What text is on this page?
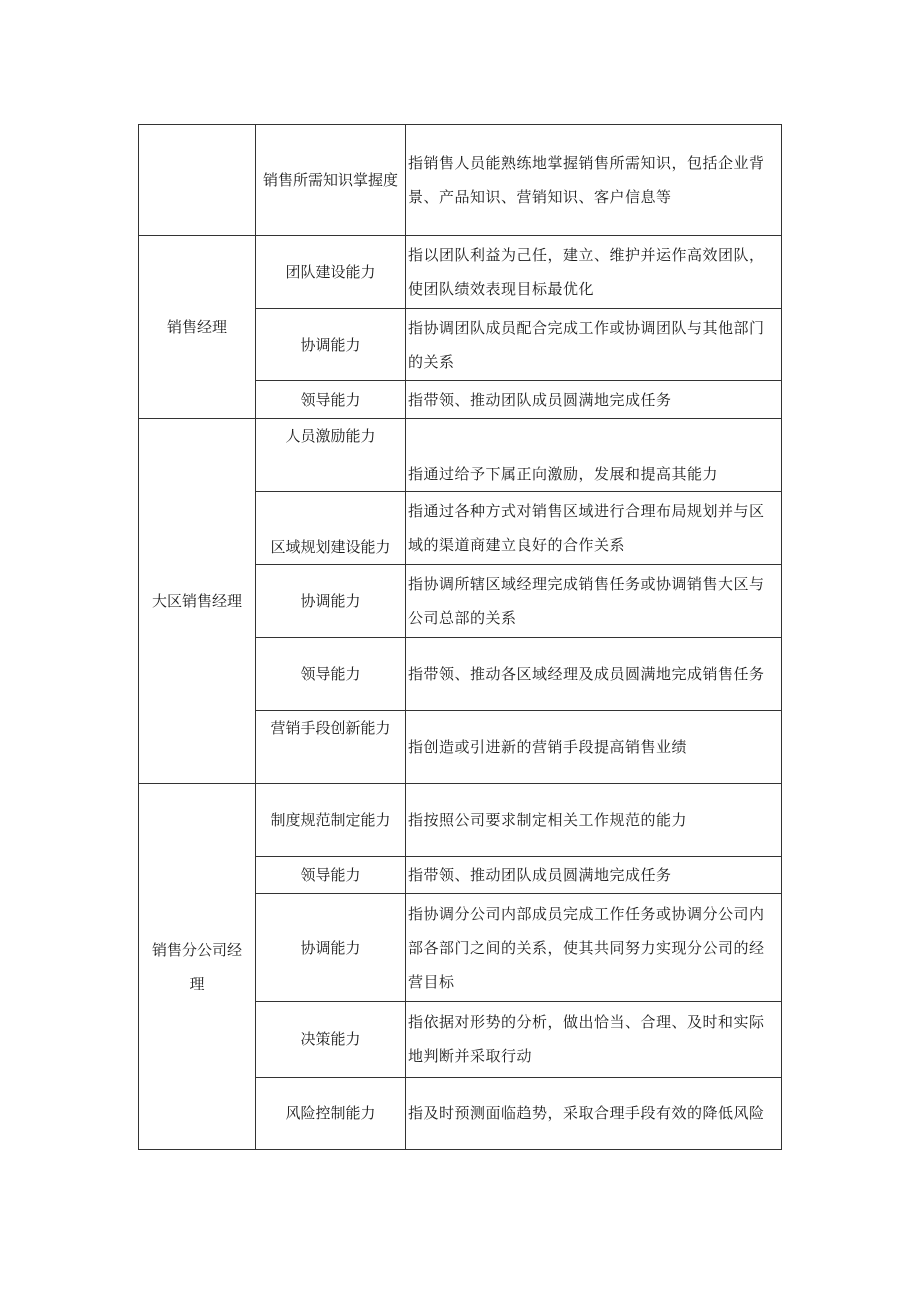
	销售所需知识掌握度	指销售人员能熟练地掌握销售所需知识，包括企业背景、产品知识、营销知识、客户信息等
销售经理	团队建设能力	指以团队利益为己任，建立、维护并运作高效团队，使团队绩效表现目标最优化
	协调能力	指协调团队成员配合完成工作或协调团队与其他部门的关系
	领导能力	指带领、推动团队成员圆满地完成任务
大区销售经理	人员激励能力	指通过给予下属正向激励，发展和提高其能力
	区域规划建设能力	指通过各种方式对销售区域进行合理布局规划并与区域的渠道商建立良好的合作关系
	协调能力	指协调所辖区域经理完成销售任务或协调销售大区与公司总部的关系
	领导能力	指带领、推动各区域经理及成员圆满地完成销售任务
	营销手段创新能力	指创造或引进新的营销手段提高销售业绩
销售分公司经理	制度规范制定能力	指按照公司要求制定相关工作规范的能力
	领导能力	指带领、推动团队成员圆满地完成任务
	协调能力	指协调分公司内部成员完成工作任务或协调分公司内部各部门之间的关系，使其共同努力实现分公司的经营目标
	决策能力	指依据对形势的分析，做出恰当、合理、及时和实际地判断并采取行动
	风险控制能力	指及时预测面临趋势，采取合理手段有效的降低风险
